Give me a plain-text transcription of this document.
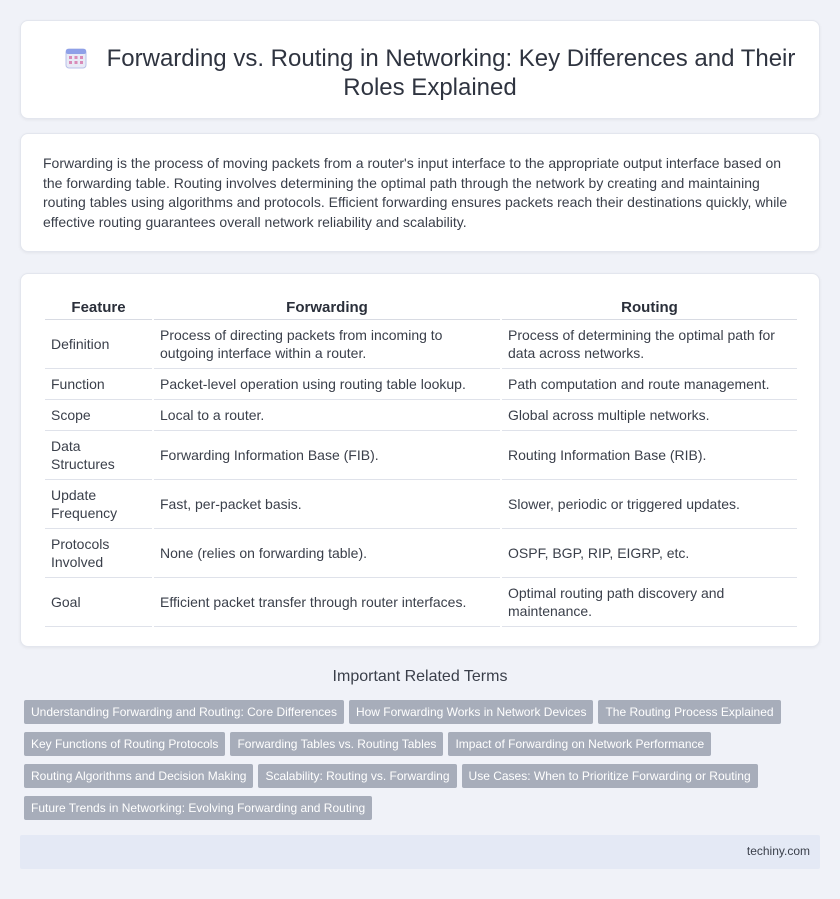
Forwarding vs. Routing in Networking: Key Differences and Their Roles Explained

Forwarding is the process of moving packets from a router's input interface to the appropriate output interface based on the forwarding table. Routing involves determining the optimal path through the network by creating and maintaining routing tables using algorithms and protocols. Efficient forwarding ensures packets reach their destinations quickly, while effective routing guarantees overall network reliability and scalability.

Feature	Forwarding	Routing
Definition	Process of directing packets from incoming to outgoing interface within a router.	Process of determining the optimal path for data across networks.
Function	Packet-level operation using routing table lookup.	Path computation and route management.
Scope	Local to a router.	Global across multiple networks.
Data Structures	Forwarding Information Base (FIB).	Routing Information Base (RIB).
Update Frequency	Fast, per-packet basis.	Slower, periodic or triggered updates.
Protocols Involved	None (relies on forwarding table).	OSPF, BGP, RIP, EIGRP, etc.
Goal	Efficient packet transfer through router interfaces.	Optimal routing path discovery and maintenance.
Important Related Terms
Understanding Forwarding and Routing: Core Differences How Forwarding Works in Network Devices The Routing Process Explained
Key Functions of Routing Protocols Forwarding Tables vs. Routing Tables Impact of Forwarding on Network Performance
Routing Algorithms and Decision Making Scalability: Routing vs. Forwarding Use Cases: When to Prioritize Forwarding or Routing
Future Trends in Networking: Evolving Forwarding and Routing
techiny.com
